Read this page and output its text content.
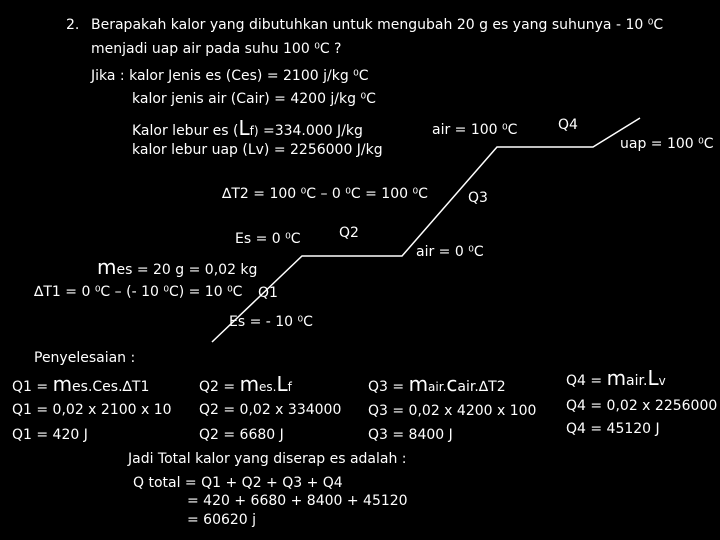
2. Berapakah kalor yang dibutuhkan untuk mengubah 20 g es yang suhunya - 10 ⁰C
menjadi uap air pada suhu 100 ⁰C ?
Jika : kalor Jenis es (Ces) = 2100 j/kg ⁰C
kalor jenis air (Cair) = 4200 j/kg ⁰C
Kalor lebur es (Lf) =334.000 J/kg
kalor lebur uap (Lv) = 2256000 J/kg
air = 100 ⁰C	Q4
uap = 100 ⁰C
∆T2 = 100 ⁰C – 0 ⁰C = 100 ⁰C	Q3
Es = 0 ⁰C	Q2
air = 0 ⁰C
mes = 20 g = 0,02 kg
∆T1 = 0 ⁰C – (- 10 ⁰C) = 10 ⁰C Q1
Es = - 10 ⁰C
Penyelesaian :
Q1 = mes.Ces.∆T1
Q1 = 0,02 x 2100 x 10
Q1 = 420 J
Q2 = mes.Lf
Q2 = 0,02 x 334000
Q2 = 6680 J
Q3 = mair.cair.∆T2
Q3 = 0,02 x 4200 x 100
Q3 = 8400 J
Q4 = mair.Lv
Q4 = 0,02 x 2256000
Q4 = 45120 J
Jadi Total kalor yang diserap es adalah :
Q total = Q1 + Q2 + Q3 + Q4
= 420 + 6680 + 8400 + 45120
= 60620 j
